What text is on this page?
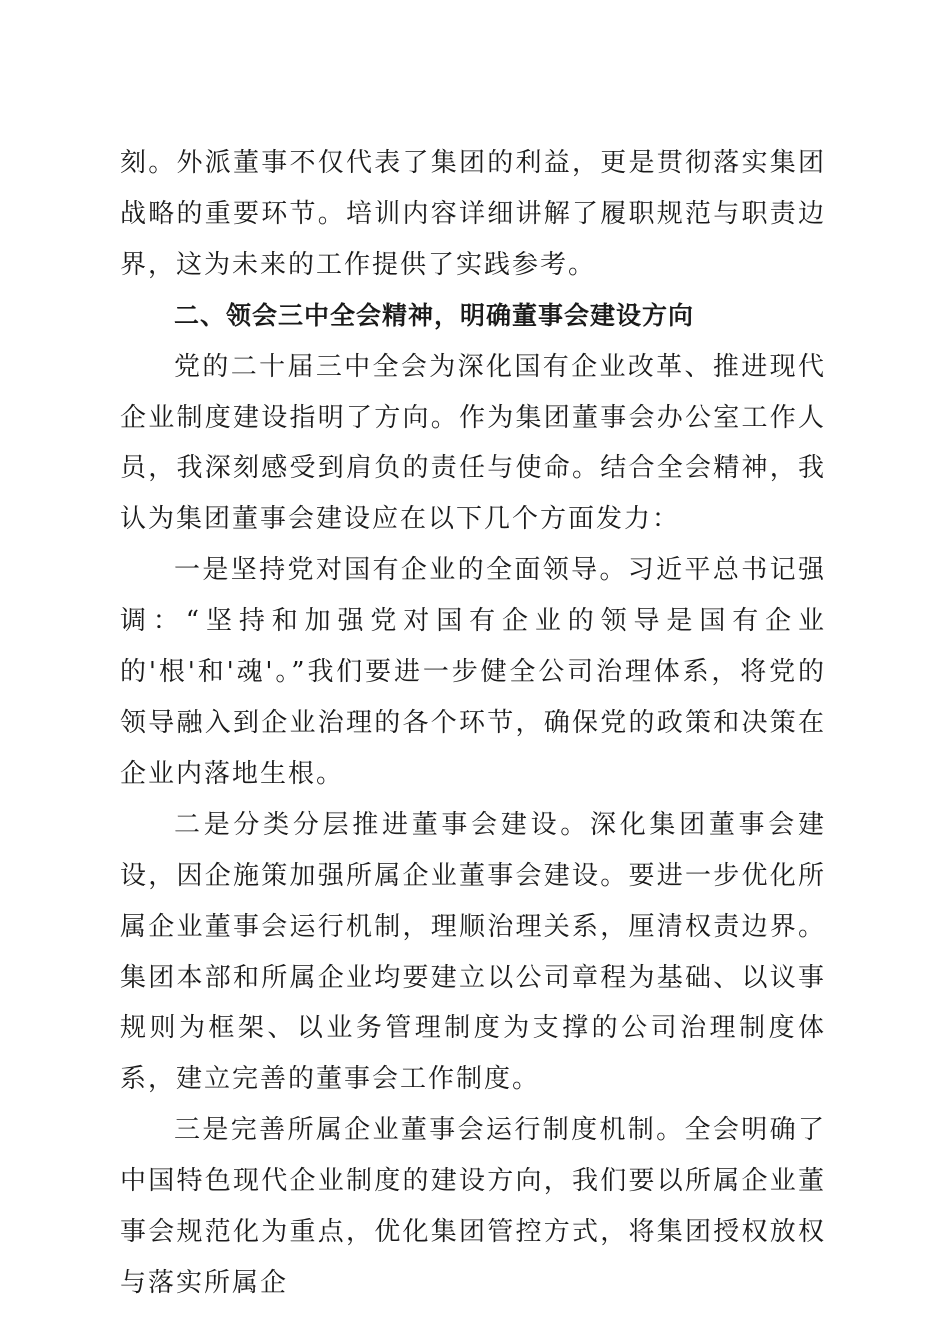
刻。外派董事不仅代表了集团的利益，更是贯彻落实集团战略的重要环节。培训内容详细讲解了履职规范与职责边界，这为未来的工作提供了实践参考。

二、领会三中全会精神，明确董事会建设方向

党的二十届三中全会为深化国有企业改革、推进现代企业制度建设指明了方向。作为集团董事会办公室工作人员，我深刻感受到肩负的责任与使命。结合全会精神，我认为集团董事会建设应在以下几个方面发力：

一是坚持党对国有企业的全面领导。习近平总书记强调：“坚持和加强党对国有企业的领导是国有企业的'根'和'魂'。”我们要进一步健全公司治理体系，将党的领导融入到企业治理的各个环节，确保党的政策和决策在企业内落地生根。

二是分类分层推进董事会建设。深化集团董事会建设，因企施策加强所属企业董事会建设。要进一步优化所属企业董事会运行机制，理顺治理关系，厘清权责边界。集团本部和所属企业均要建立以公司章程为基础、以议事规则为框架、以业务管理制度为支撑的公司治理制度体系，建立完善的董事会工作制度。

三是完善所属企业董事会运行制度机制。全会明确了中国特色现代企业制度的建设方向，我们要以所属企业董事会规范化为重点，优化集团管控方式，将集团授权放权与落实所属企
